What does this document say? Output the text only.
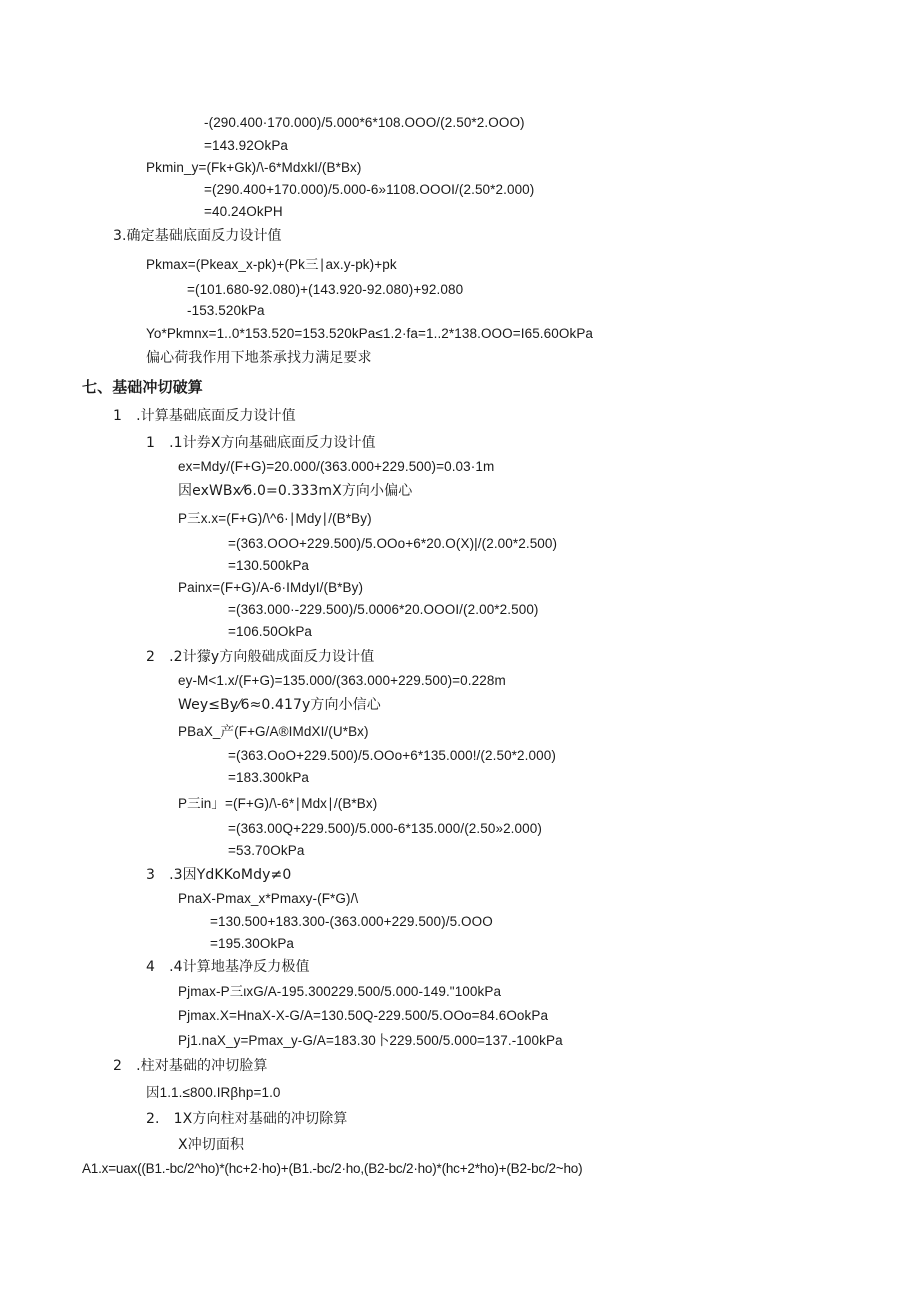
-(290.400·170.000)/5.000*6*108.OOO/(2.50*2.OOO)
=143.92OkPa
Pkmin_y=(Fk+Gk)/\-6*MdxkI/(B*Bx)
=(290.400+170.000)/5.000-6»1108.OOOI/(2.50*2.000)
=40.24OkPH
3.确定基础底面反力设计值
Pkmax=(Pkeax_x-pk)+(Pk三∣ax.y-pk)+pk
=(101.680-92.080)+(143.920-92.080)+92.080
-153.520kPa
Yo*Pkmnx=1..0*153.520=153.520kPa≤1.2·fa=1..2*138.OOO=I65.60OkPa
偏心荷我作用下地茶承找力满足要求
七、基础冲切破算
1　.计算基础底面反力设计值
1　.1计券X方向基础底面反力设计值
ex=Mdy/(F+G)=20.000/(363.000+229.500)=0.03·1m
因exWBx⁄6.0=0.333mX方向小偏心
P三x.x=(F+G)/\^6·∣Mdy∣/(B*By)
=(363.OOO+229.500)/5.OOo+6*20.O(X)|/(2.00*2.500)
=130.500kPa
Painx=(F+G)/A-6·IMdyI/(B*By)
=(363.000·-229.500)/5.0006*20.OOOI/(2.00*2.500)
=106.50OkPa
2　.2计獴y方向般础成面反力设计值
ey-M<1.x/(F+G)=135.000/(363.000+229.500)=0.228m
Wey≤By⁄6≈0.417y方向小信心
PBaX_产(F+G/A®IMdXI/(U*Bx)
=(363.OoO+229.500)/5.OOo+6*135.000!/(2.50*2.000)
=183.300kPa
P三in」=(F+G)/\-6*∣Mdx∣/(B*Bx)
=(363.00Q+229.500)/5.000-6*135.000/(2.50»2.000)
=53.70OkPa
3　.3因YdKKoMdy≠0
PnaX-Pmax_x*Pmaxy-(F*G)/\
=130.500+183.300-(363.000+229.500)/5.OOO
=195.30OkPa
4　.4计算地基净反力极值
Pjmax-P三ιxG/A-195.300229.500/5.000-149."100kPa
Pjmax.X=HnaX-X-G/A=130.50Q-229.500/5.OOo=84.6OokPa
Pj1.naX_y=Pmax_y-G/A=183.30卜229.500/5.000=137.-100kPa
2　.柱对基础的冲切脸算
因1.1.≤800.IRβhp=1.0
2.　1X方向柱对基础的冲切除算
X冲切面积
A1.x=uax((B1.-bc/2^ho)*(hc+2·ho)+(B1.-bc/2·ho,(B2-bc/2·ho)*(hc+2*ho)+(B2-bc/2~ho)
